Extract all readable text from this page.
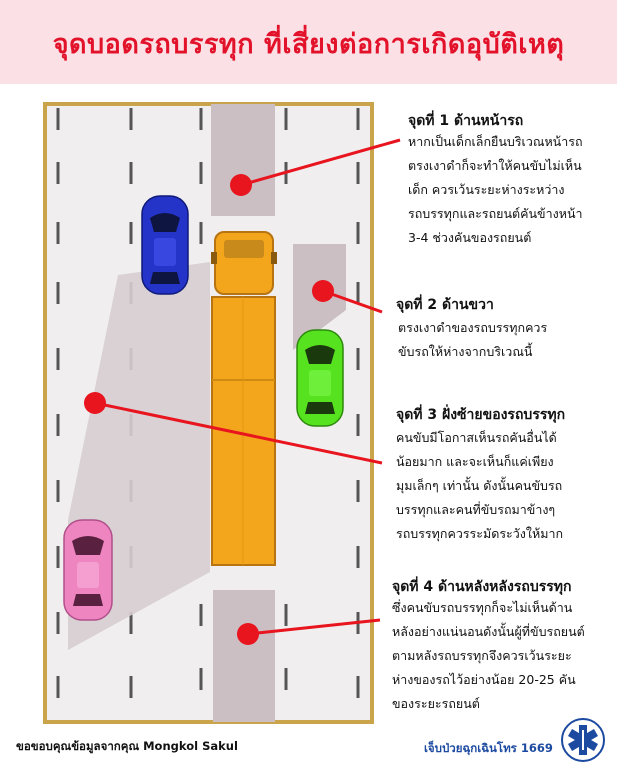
จุดบอดรถบรรทุก ที่เสี่ยงต่อการเกิดอุบัติเหตุ
จุดที่ 1 ด้านหน้ารถ
หากเป็นเด็กเล็กยืนบริเวณหน้ารถ
ตรงเงาดำก็จะทำให้คนขับไม่เห็น
เด็ก ควรเว้นระยะห่างระหว่าง
รถบรรทุกและรถยนต์คันข้างหน้า
3-4 ช่วงคันของรถยนต์
จุดที่ 2 ด้านขวา
ตรงเงาดำของรถบรรทุกควร
ขับรถให้ห่างจากบริเวณนี้
จุดที่ 3 ฝั่งซ้ายของรถบรรทุก
คนขับมีโอกาสเห็นรถคันอื่นได้
น้อยมาก และจะเห็นก็แค่เพียง
มุมเล็กๆ เท่านั้น ดังนั้นคนขับรถ
บรรทุกและคนที่ขับรถมาข้างๆ
รถบรรทุกควรระมัดระวังให้มาก
จุดที่ 4 ด้านหลังหลังรถบรรทุก
ซึ่งคนขับรถบรรทุกก็จะไม่เห็นด้าน
หลังอย่างแน่นอนดังนั้นผู้ที่ขับรถยนต์
ตามหลังรถบรรทุกจึงควรเว้นระยะ
ห่างของรถไว้อย่างน้อย 20-25 คัน
ของระยะรถยนต์
ขอขอบคุณข้อมูลจากคุณ Mongkol Sakul	เจ็บป่วยฉุกเฉินโทร 1669
